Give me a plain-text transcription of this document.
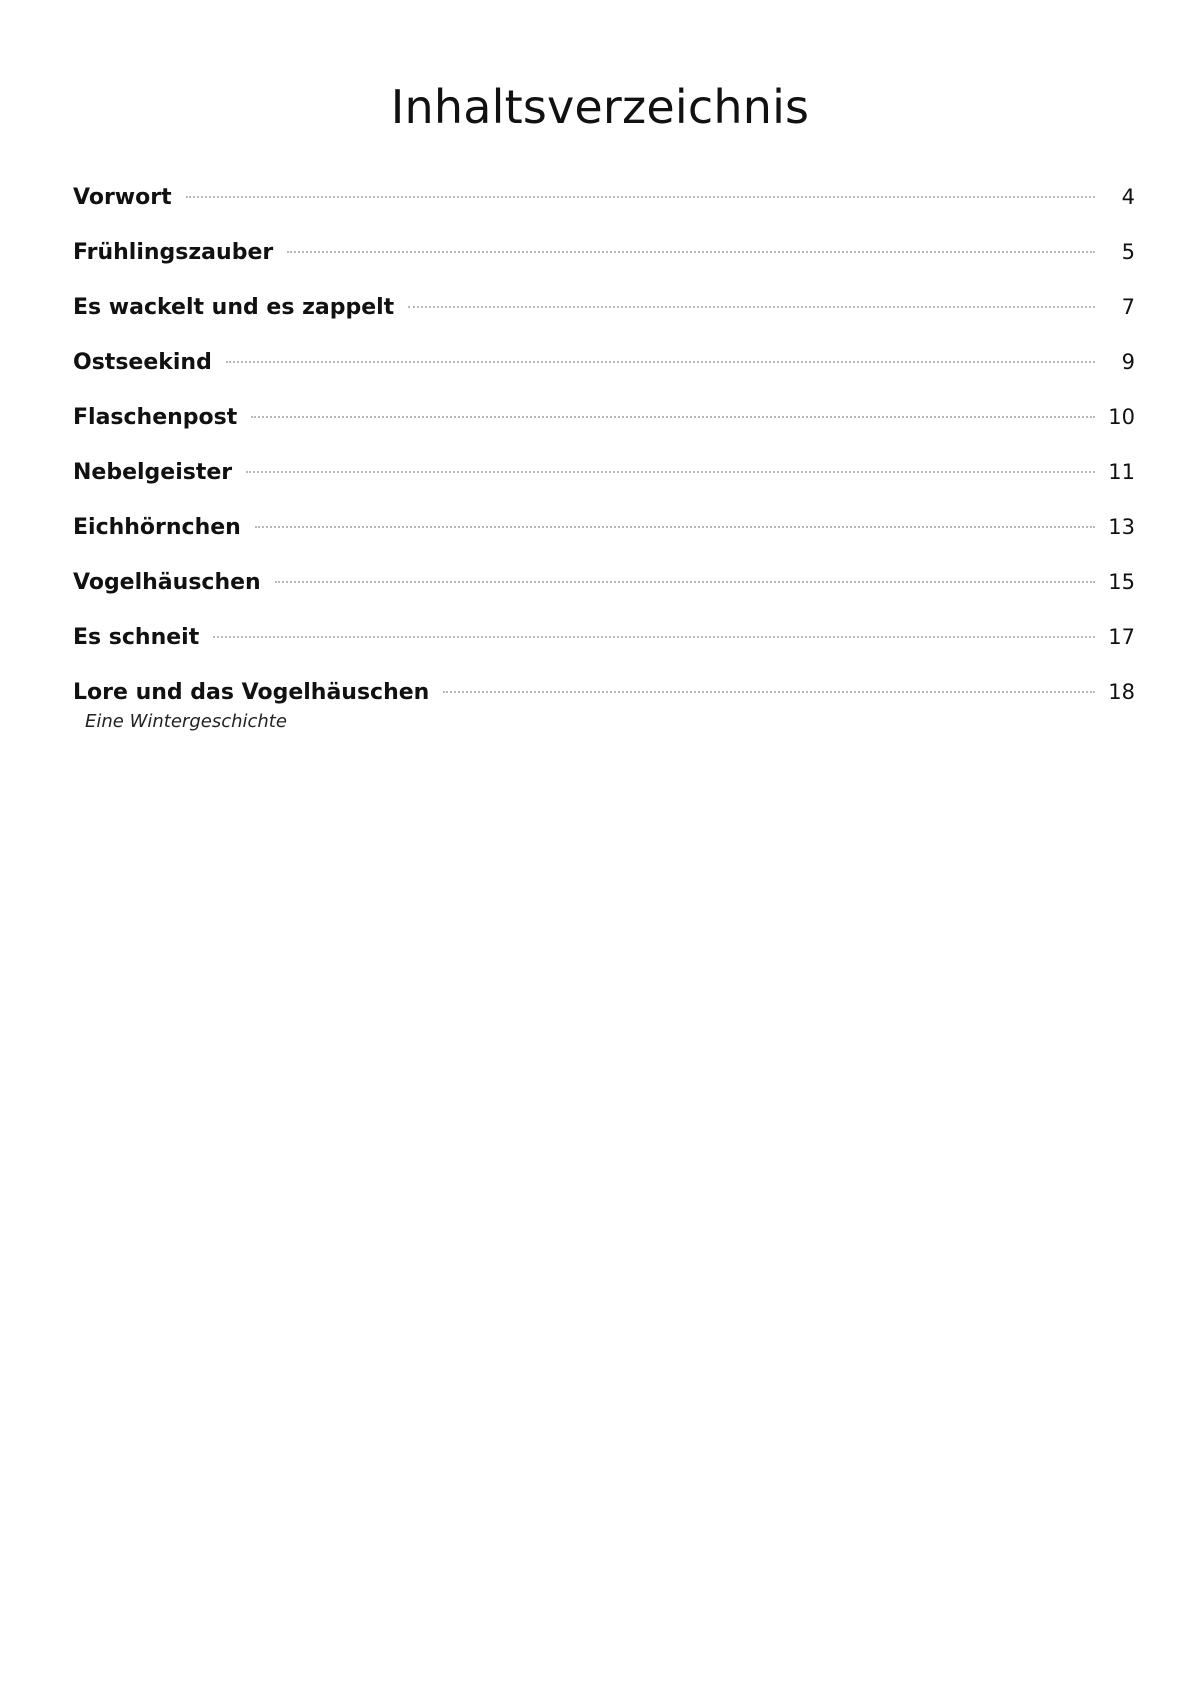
Inhaltsverzeichnis
Vorwort	4
Frühlingszauber	5
Es wackelt und es zappelt	7
Ostseekind	9
Flaschenpost	10
Nebelgeister	11
Eichhörnchen	13
Vogelhäuschen	15
Es schneit	17
Lore und das Vogelhäuschen	18
Eine Wintergeschichte
